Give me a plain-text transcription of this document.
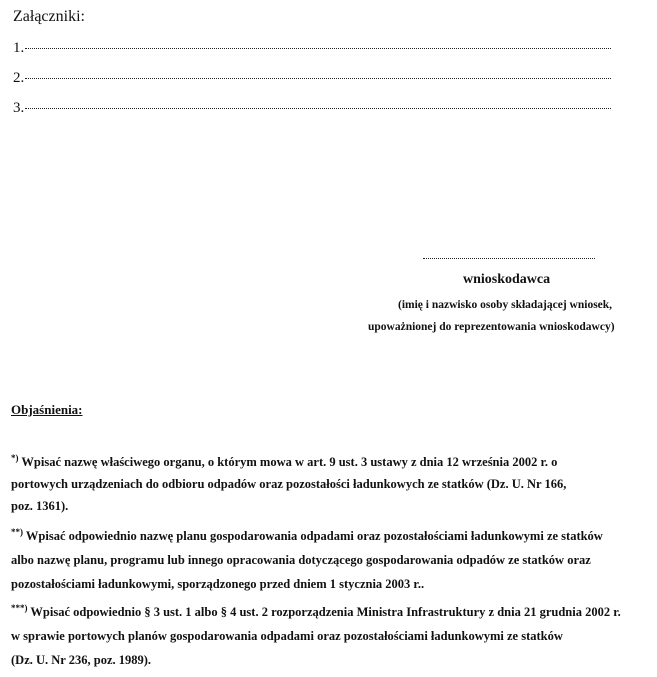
Załączniki:
1.
2.
3.
wnioskodawca
(imię i nazwisko osoby składającej wniosek,
upoważnionej do reprezentowania wnioskodawcy)
Objaśnienia:
*) Wpisać nazwę właściwego organu, o którym mowa w art. 9 ust. 3 ustawy z dnia 12 września 2002 r. o
portowych urządzeniach do odbioru odpadów oraz pozostałości ładunkowych ze statków (Dz. U. Nr 166,
poz. 1361).
**) Wpisać odpowiednio nazwę planu gospodarowania odpadami oraz pozostałościami ładunkowymi ze statków
albo nazwę planu, programu lub innego opracowania dotyczącego gospodarowania odpadów ze statków oraz
pozostałościami ładunkowymi, sporządzonego przed dniem 1 stycznia 2003 r..
***) Wpisać odpowiednio § 3 ust. 1 albo § 4 ust. 2 rozporządzenia Ministra Infrastruktury z dnia 21 grudnia 2002 r.
w sprawie portowych planów gospodarowania odpadami oraz pozostałościami ładunkowymi ze statków
(Dz. U. Nr 236, poz. 1989).
